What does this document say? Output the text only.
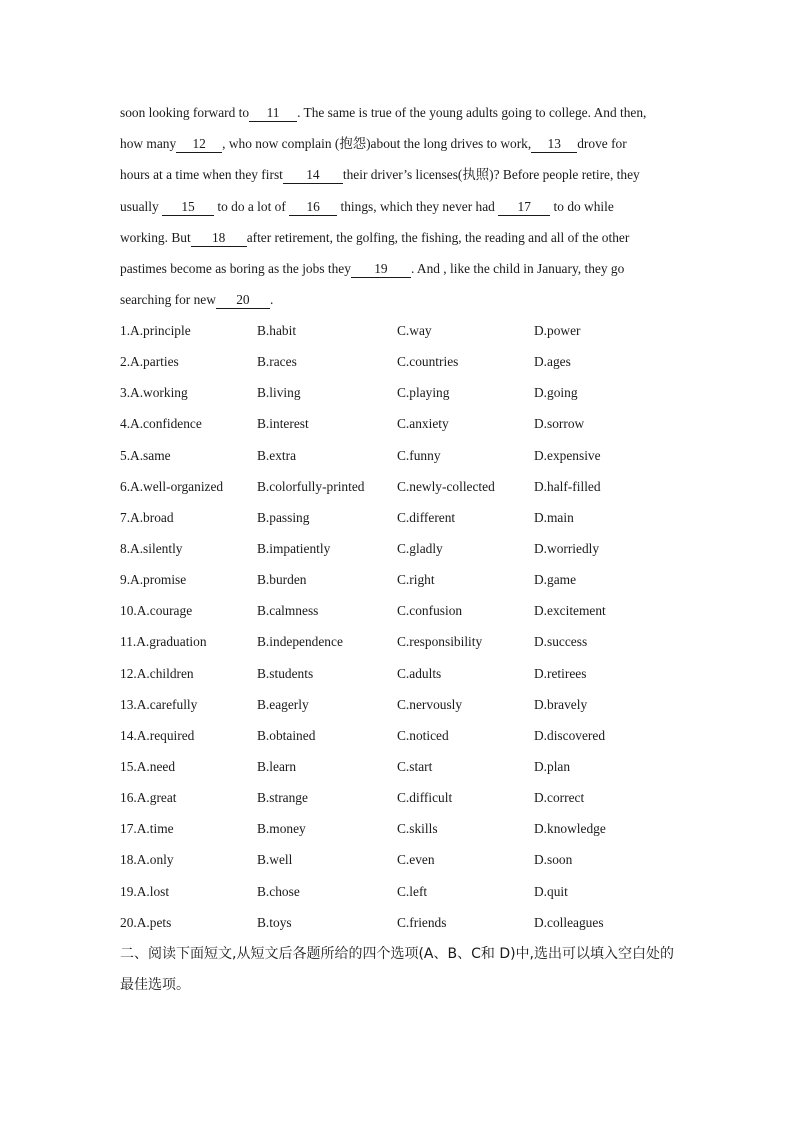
soon looking forward to 11 . The same is true of the young adults going to college. And then,
how many 12 , who now complain (抱怨)about the long drives to work, 13 drove for
hours at a time when they first 14 their driver’s licenses(执照)? Before people retire, they
usually 15 to do a lot of 16 things, which they never had 17 to do while
working. But 18 after retirement, the golfing, the fishing, the reading and all of the other
pastimes become as boring as the jobs they 19 . And , like the child in January, they go
searching for new 20 .
1.A.principle	B.habit	C.way	D.power
2.A.parties	B.races	C.countries	D.ages
3.A.working	B.living	C.playing	D.going
4.A.confidence	B.interest	C.anxiety	D.sorrow
5.A.same	B.extra	C.funny	D.expensive
6.A.well-organized	B.colorfully-printed C.newly-collected	D.half-filled
7.A.broad	B.passing	C.different	D.main
8.A.silently	B.impatiently	C.gladly	D.worriedly
9.A.promise	B.burden	C.right	D.game
10.A.courage	B.calmness	C.confusion	D.excitement
11.A.graduation	B.independence	C.responsibility	D.success
12.A.children	B.students	C.adults	D.retirees
13.A.carefully	B.eagerly	C.nervously	D.bravely
14.A.required	B.obtained	C.noticed	D.discovered
15.A.need	B.learn	C.start	D.plan
16.A.great	B.strange	C.difficult	D.correct
17.A.time	B.money	C.skills	D.knowledge
18.A.only	B.well	C.even	D.soon
19.A.lost	B.chose	C.left	D.quit
20.A.pets	B.toys	C.friends	D.colleagues
二、阅读下面短文,从短文后各题所给的四个选项(A、B、C和 D)中,选出可以填入空白处的
最佳选项。
